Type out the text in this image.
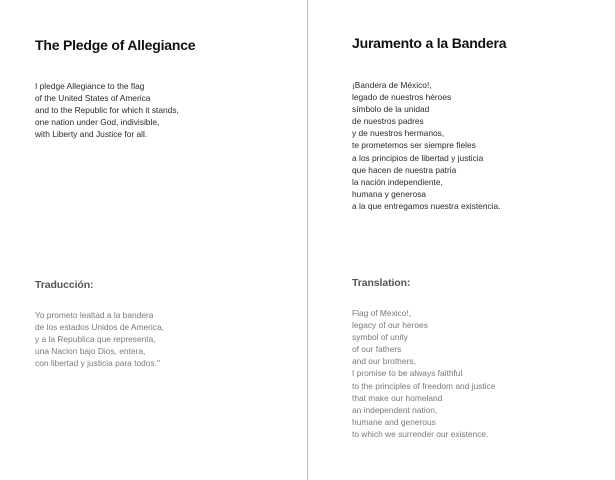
The Pledge of Allegiance
I pledge Allegiance to the flag
of the United States of America
and to the Republic for which it stands,
one nation under God, indivisible,
with Liberty and Justice for all.
Traducción:
Yo prometo lealtad a la bandera
de los estados Unidos de America,
y a la Republica que representa,
una Nacion bajo Dios, entera,
con libertad y justicia para todos."
Juramento a la Bandera
¡Bandera de México!,
legado de nuestros héroes
símbolo de la unidad
de nuestros padres
y de nuestros hermanos,
te prometemos ser siempre fieles
a los principios de libertad y justicia
que hacen de nuestra patria
la nación independiente,
humana y generosa
a la que entregamos nuestra existencia.
Translation:
Flag of Mexico!,
legacy of our heroes
symbol of unity
of our fathers
and our brothers,
I promise to be always faithful
to the principles of freedom and justice
that make our homeland
an independent nation,
humane and generous
to which we surrender our existence.
